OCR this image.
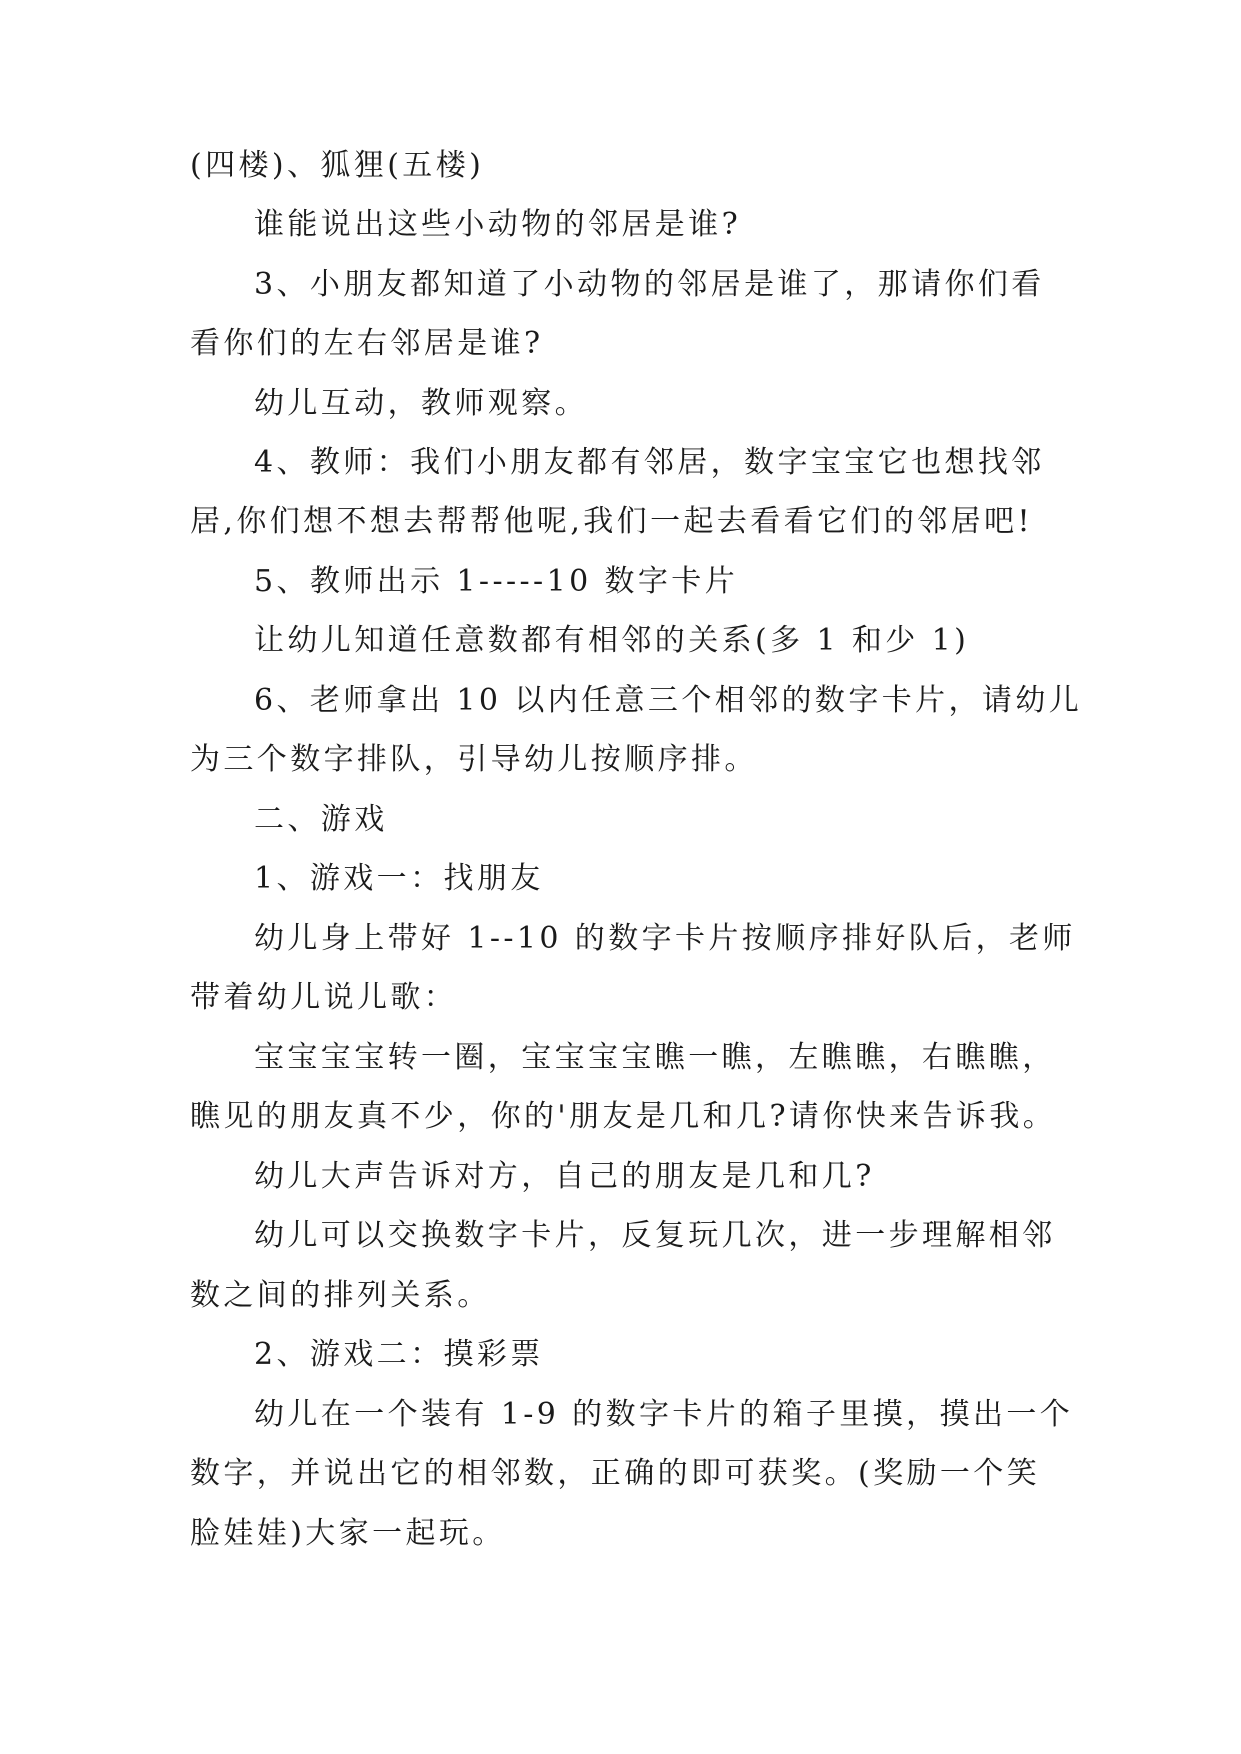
(四楼)、狐狸(五楼)
谁能说出这些小动物的邻居是谁?
3、小朋友都知道了小动物的邻居是谁了，那请你们看
看你们的左右邻居是谁?
幼儿互动，教师观察。
4、教师：我们小朋友都有邻居，数字宝宝它也想找邻
居,你们想不想去帮帮他呢,我们一起去看看它们的邻居吧!
5、教师出示 1-----10 数字卡片
让幼儿知道任意数都有相邻的关系(多 1 和少 1)
6、老师拿出 10 以内任意三个相邻的数字卡片，请幼儿
为三个数字排队，引导幼儿按顺序排。
二、游戏
1、游戏一：找朋友
幼儿身上带好 1--10 的数字卡片按顺序排好队后，老师
带着幼儿说儿歌：
宝宝宝宝转一圈，宝宝宝宝瞧一瞧，左瞧瞧，右瞧瞧，
瞧见的朋友真不少，你的'朋友是几和几?请你快来告诉我。
幼儿大声告诉对方，自己的朋友是几和几?
幼儿可以交换数字卡片，反复玩几次，进一步理解相邻
数之间的排列关系。
2、游戏二：摸彩票
幼儿在一个装有 1-9 的数字卡片的箱子里摸，摸出一个
数字，并说出它的相邻数，正确的即可获奖。(奖励一个笑
脸娃娃)大家一起玩。
